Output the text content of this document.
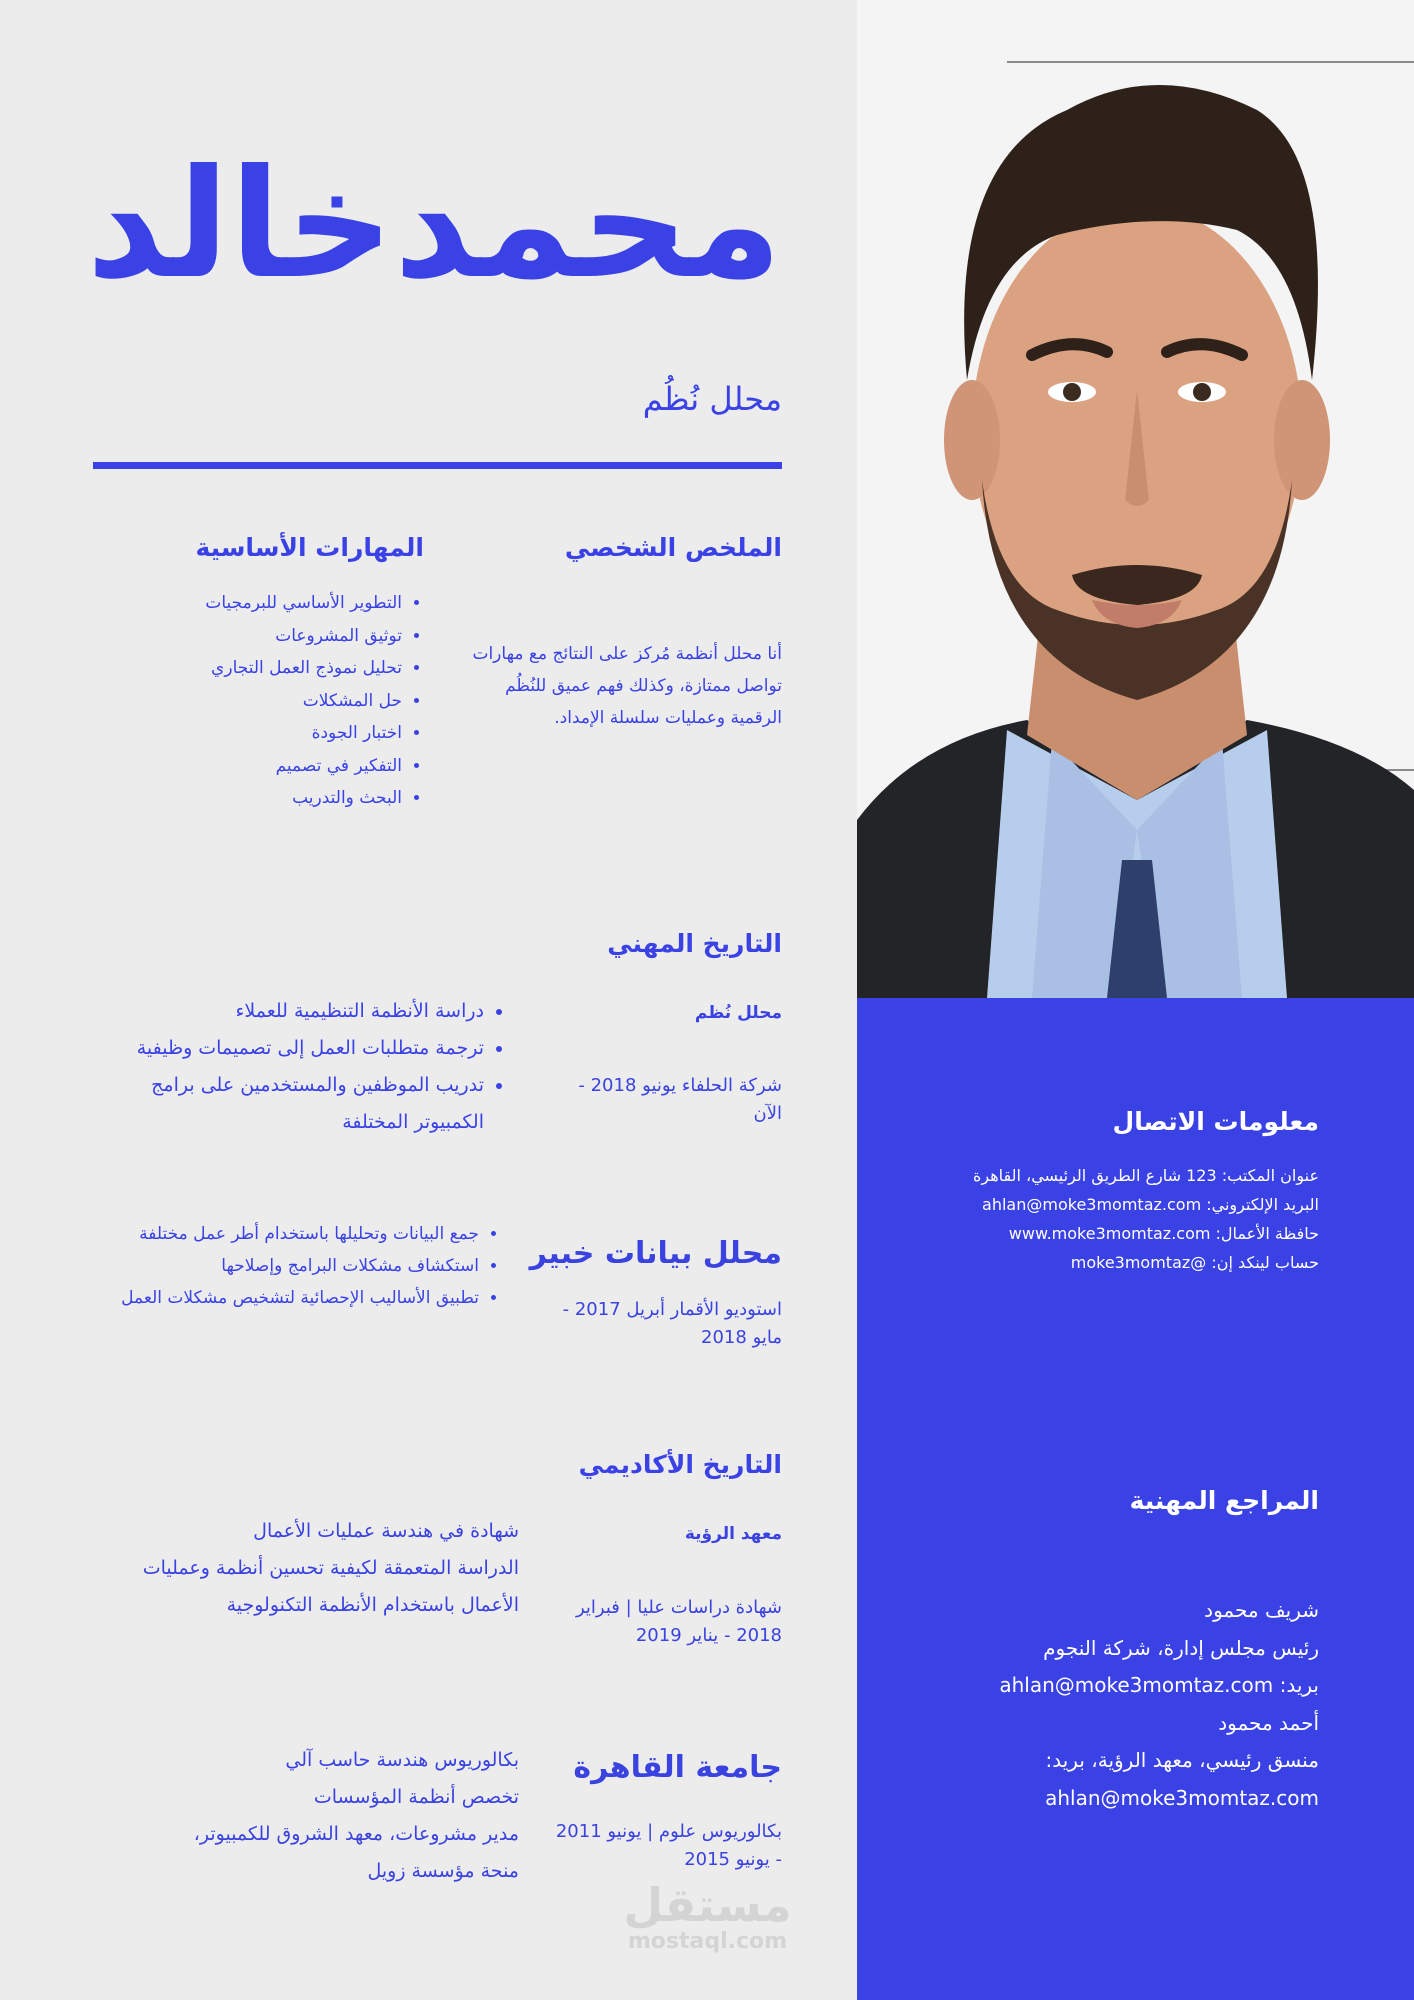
محمدخالد
محلل نُظُم
الملخص الشخصي
أنا محلل أنظمة مُركز على النتائج مع مهارات تواصل ممتازة، وكذلك فهم عميق للنُظُم الرقمية وعمليات سلسلة الإمداد.
المهارات الأساسية
• التطوير الأساسي للبرمجيات
• توثيق المشروعات
• تحليل نموذج العمل التجاري
• حل المشكلات
• اختبار الجودة
• التفكير في تصميم
• البحث والتدريب
التاريخ المهني
محلل نُظم
شركة الحلفاء يونيو 2018 - الآن
• دراسة الأنظمة التنظيمية للعملاء
• ترجمة متطلبات العمل إلى تصميمات وظيفية
• تدريب الموظفين والمستخدمين على برامج الكمبيوتر المختلفة
محلل بيانات خبير
استوديو الأقمار أبريل 2017 - مايو 2018
• جمع البيانات وتحليلها باستخدام أطر عمل مختلفة
• استكشاف مشكلات البرامج وإصلاحها
• تطبيق الأساليب الإحصائية لتشخيص مشكلات العمل
التاريخ الأكاديمي
معهد الرؤية
شهادة دراسات عليا | فبراير 2018 - يناير 2019
شهادة في هندسة عمليات الأعمال
الدراسة المتعمقة لكيفية تحسين أنظمة وعمليات الأعمال باستخدام الأنظمة التكنولوجية
جامعة القاهرة
بكالوريوس علوم | يونيو 2011 - يونيو 2015
بكالوريوس هندسة حاسب آلي
تخصص أنظمة المؤسسات
مدير مشروعات، معهد الشروق للكمبيوتر،
منحة مؤسسة زويل
مستقل
mostaql.com
معلومات الاتصال
عنوان المكتب: 123 شارع الطريق الرئيسي، القاهرة
البريد الإلكتروني: ahlan@moke3momtaz.com
حافظة الأعمال: www.moke3momtaz.com
حساب لينكد إن: @moke3momtaz
المراجع المهنية
شريف محمود
رئيس مجلس إدارة، شركة النجوم
بريد: ahlan@moke3momtaz.com
أحمد محمود
منسق رئيسي، معهد الرؤية، بريد:
ahlan@moke3momtaz.com
